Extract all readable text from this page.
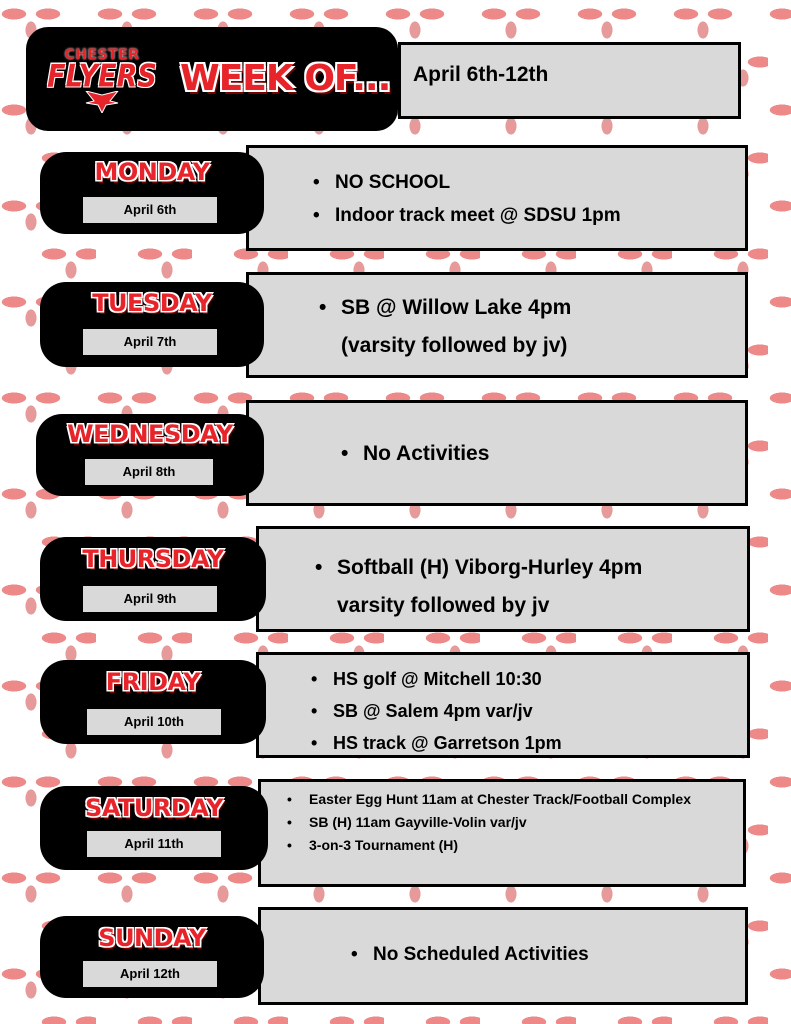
CHESTER
FLYERS WEEK OF... April 6th-12th
• NO SCHOOL
• Indoor track meet @ SDSU 1pm
MONDAY
April 6th
• SB @ Willow Lake 4pm
(varsity followed by jv)
TUESDAY
April 7th
• No Activities
WEDNESDAY
April 8th
• Softball (H) Viborg-Hurley 4pm
varsity followed by jv
THURSDAY
April 9th
• HS golf @ Mitchell 10:30
• SB @ Salem 4pm var/jv
• HS track @ Garretson 1pm
FRIDAY
April 10th
• Easter Egg Hunt 11am at Chester Track/Football Complex
• SB (H) 11am Gayville-Volin var/jv
• 3-on-3 Tournament (H)
SATURDAY
April 11th
• No Scheduled Activities
SUNDAY
April 12th
